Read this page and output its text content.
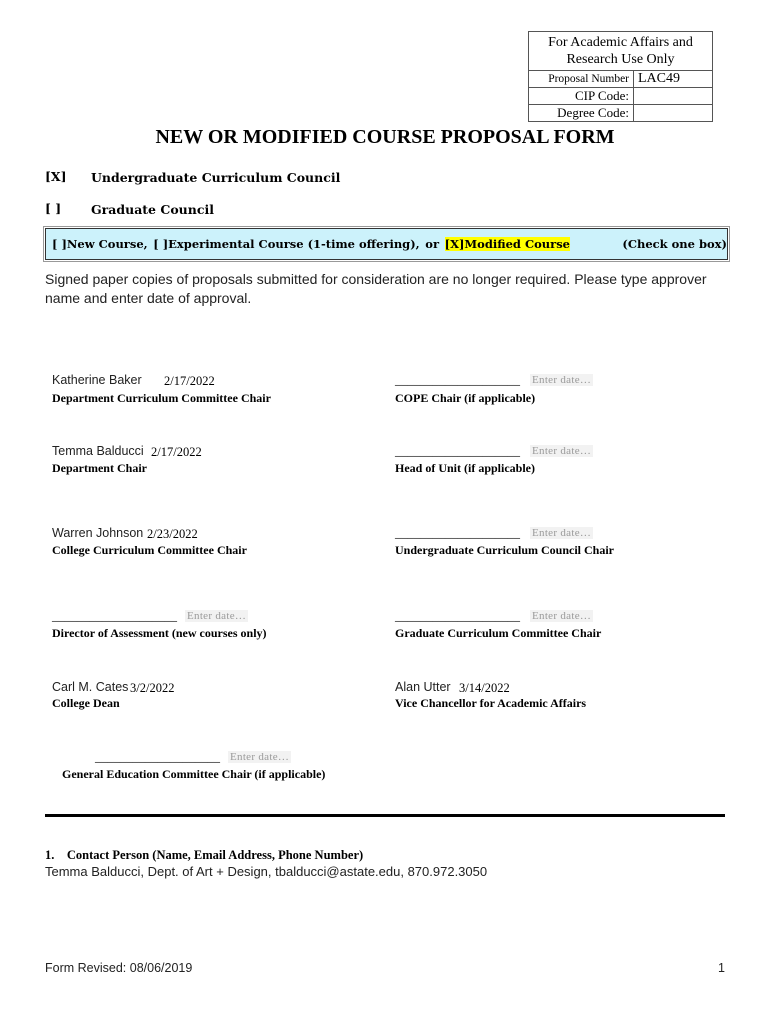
For Academic Affairs and Research Use Only	
Proposal Number	LAC49
CIP Code:	
Degree Code:	
NEW OR MODIFIED COURSE PROPOSAL FORM
[X] Undergraduate Curriculum Council
[ ] Graduate Council
[ ]New Course, [ ]Experimental Course (1-time offering), or [X]Modified Course	(Check one box)
Signed paper copies of proposals submitted for consideration are no longer required. Please type approver name and enter date of approval.
Katherine Baker 2/17/2022
Department Curriculum Committee Chair
____________________ Enter date…
COPE Chair (if applicable)
Temma Balducci 2/17/2022
Department Chair
____________________ Enter date…
Head of Unit (if applicable)
Warren Johnson 2/23/2022
College Curriculum Committee Chair
____________________ Enter date…
Undergraduate Curriculum Council Chair
____________________ Enter date…
Director of Assessment (new courses only)
____________________ Enter date…
Graduate Curriculum Committee Chair
Carl M. Cates 3/2/2022
College Dean
Alan Utter 3/14/2022
Vice Chancellor for Academic Affairs
____________________ Enter date…
General Education Committee Chair (if applicable)
1.    Contact Person (Name, Email Address, Phone Number)
Temma Balducci, Dept. of Art + Design, tbalducci@astate.edu, 870.972.3050
Form Revised: 08/06/2019	1
